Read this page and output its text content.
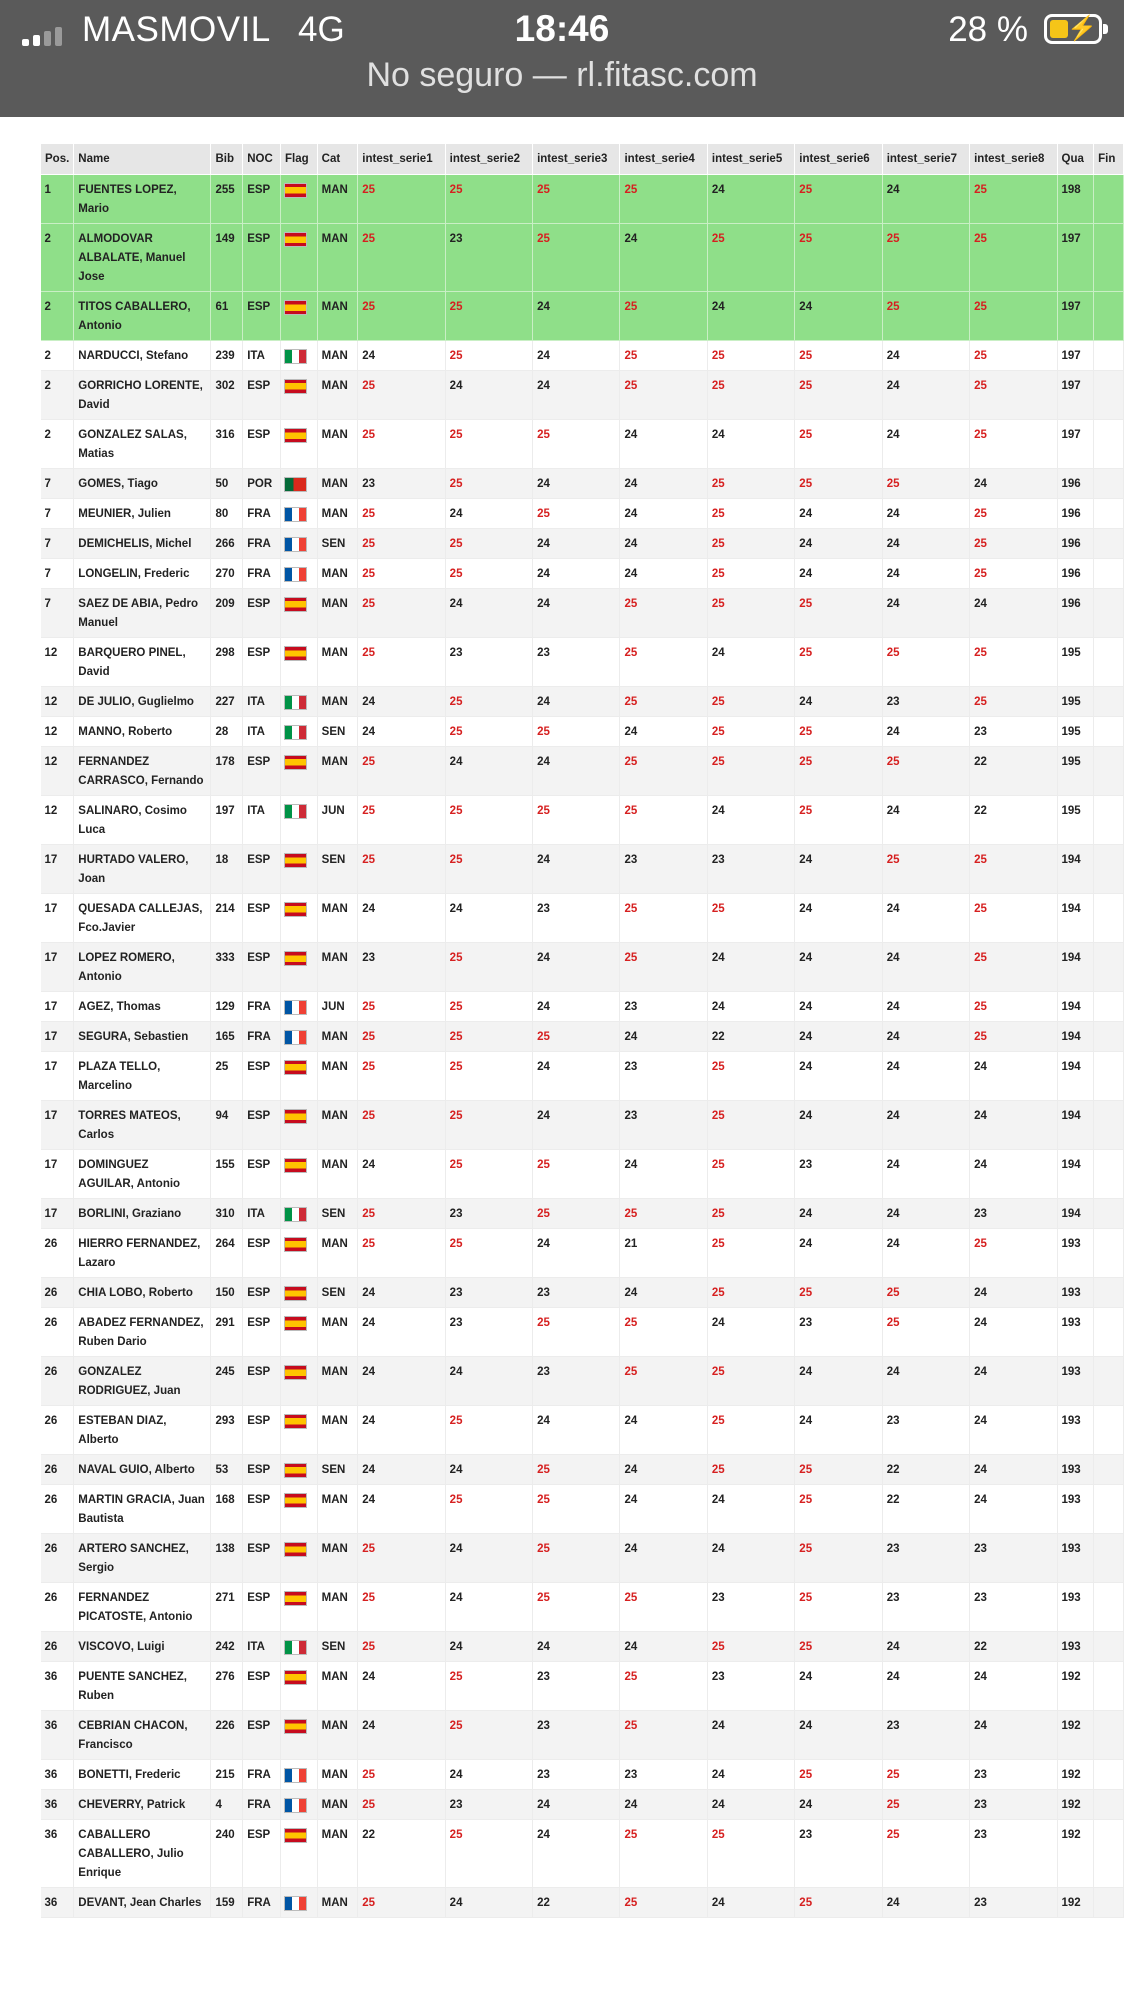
MASMOVIL 4G	18:46	28 % ⚡
No seguro — rl.fitasc.com
Pos.	Name	Bib	NOC	Flag	Cat	intest_serie1	intest_serie2	intest_serie3	intest_serie4	intest_serie5	intest_serie6	intest_serie7	intest_serie8	Qua	Fin
1	FUENTES LOPEZ, Mario	255	ESP		MAN	25	25	25	25	24	25	24	25	198	
2	ALMODOVAR ALBALATE, Manuel Jose	149	ESP		MAN	25	23	25	24	25	25	25	25	197	
2	TITOS CABALLERO, Antonio	61	ESP		MAN	25	25	24	25	24	24	25	25	197	
2	NARDUCCI, Stefano	239	ITA		MAN	24	25	24	25	25	25	24	25	197	
2	GORRICHO LORENTE, David	302	ESP		MAN	25	24	24	25	25	25	24	25	197	
2	GONZALEZ SALAS, Matias	316	ESP		MAN	25	25	25	24	24	25	24	25	197	
7	GOMES, Tiago	50	POR		MAN	23	25	24	24	25	25	25	24	196	
7	MEUNIER, Julien	80	FRA		MAN	25	24	25	24	25	24	24	25	196	
7	DEMICHELIS, Michel	266	FRA		SEN	25	25	24	24	25	24	24	25	196	
7	LONGELIN, Frederic	270	FRA		MAN	25	25	24	24	25	24	24	25	196	
7	SAEZ DE ABIA, Pedro Manuel	209	ESP		MAN	25	24	24	25	25	25	24	24	196	
12	BARQUERO PINEL, David	298	ESP		MAN	25	23	23	25	24	25	25	25	195	
12	DE JULIO, Guglielmo	227	ITA		MAN	24	25	24	25	25	24	23	25	195	
12	MANNO, Roberto	28	ITA		SEN	24	25	25	24	25	25	24	23	195	
12	FERNANDEZ CARRASCO, Fernando	178	ESP		MAN	25	24	24	25	25	25	25	22	195	
12	SALINARO, Cosimo Luca	197	ITA		JUN	25	25	25	25	24	25	24	22	195	
17	HURTADO VALERO, Joan	18	ESP		SEN	25	25	24	23	23	24	25	25	194	
17	QUESADA CALLEJAS, Fco.Javier	214	ESP		MAN	24	24	23	25	25	24	24	25	194	
17	LOPEZ ROMERO, Antonio	333	ESP		MAN	23	25	24	25	24	24	24	25	194	
17	AGEZ, Thomas	129	FRA		JUN	25	25	24	23	24	24	24	25	194	
17	SEGURA, Sebastien	165	FRA		MAN	25	25	25	24	22	24	24	25	194	
17	PLAZA TELLO, Marcelino	25	ESP		MAN	25	25	24	23	25	24	24	24	194	
17	TORRES MATEOS, Carlos	94	ESP		MAN	25	25	24	23	25	24	24	24	194	
17	DOMINGUEZ AGUILAR, Antonio	155	ESP		MAN	24	25	25	24	25	23	24	24	194	
17	BORLINI, Graziano	310	ITA		SEN	25	23	25	25	25	24	24	23	194	
26	HIERRO FERNANDEZ, Lazaro	264	ESP		MAN	25	25	24	21	25	24	24	25	193	
26	CHIA LOBO, Roberto	150	ESP		SEN	24	23	23	24	25	25	25	24	193	
26	ABADEZ FERNANDEZ, Ruben Dario	291	ESP		MAN	24	23	25	25	24	23	25	24	193	
26	GONZALEZ RODRIGUEZ, Juan	245	ESP		MAN	24	24	23	25	25	24	24	24	193	
26	ESTEBAN DIAZ, Alberto	293	ESP		MAN	24	25	24	24	25	24	23	24	193	
26	NAVAL GUIO, Alberto	53	ESP		SEN	24	24	25	24	25	25	22	24	193	
26	MARTIN GRACIA, Juan Bautista	168	ESP		MAN	24	25	25	24	24	25	22	24	193	
26	ARTERO SANCHEZ, Sergio	138	ESP		MAN	25	24	25	24	24	25	23	23	193	
26	FERNANDEZ PICATOSTE, Antonio	271	ESP		MAN	25	24	25	25	23	25	23	23	193	
26	VISCOVO, Luigi	242	ITA		SEN	25	24	24	24	25	25	24	22	193	
36	PUENTE SANCHEZ, Ruben	276	ESP		MAN	24	25	23	25	23	24	24	24	192	
36	CEBRIAN CHACON, Francisco	226	ESP		MAN	24	25	23	25	24	24	23	24	192	
36	BONETTI, Frederic	215	FRA		MAN	25	24	23	23	24	25	25	23	192	
36	CHEVERRY, Patrick	4	FRA		MAN	25	23	24	24	24	24	25	23	192	
36	CABALLERO CABALLERO, Julio Enrique	240	ESP		MAN	22	25	24	25	25	23	25	23	192	
36	DEVANT, Jean Charles	159	FRA		MAN	25	24	22	25	24	25	24	23	192	
